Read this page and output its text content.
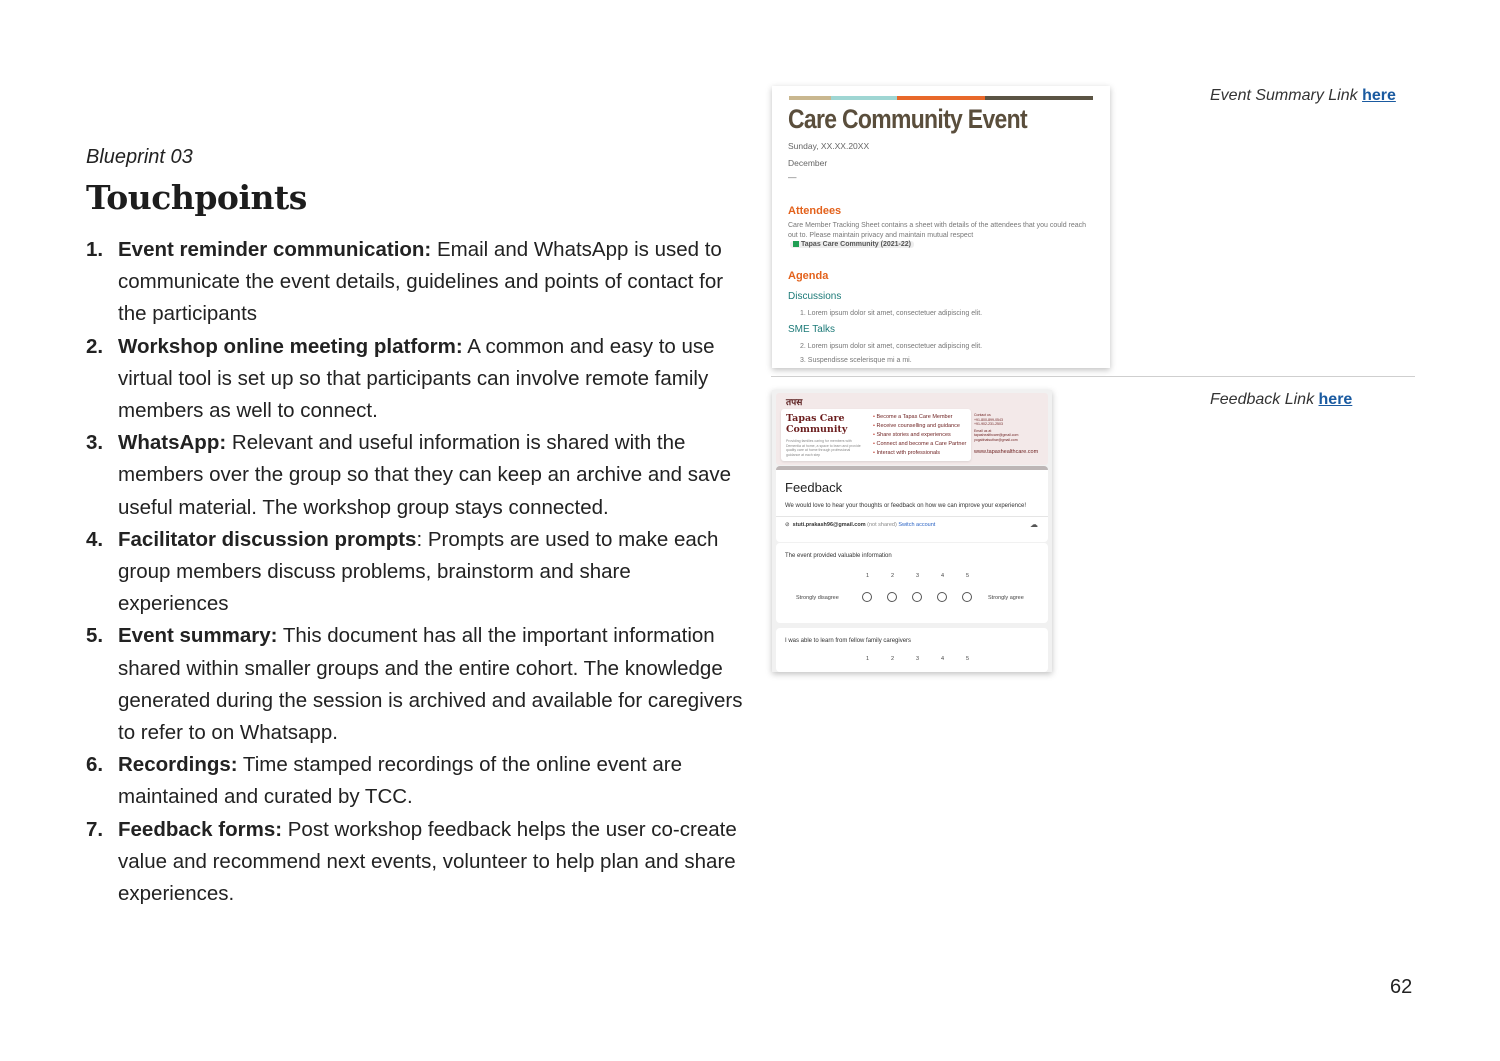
Blueprint 03
Touchpoints
1. Event reminder communication: Email and WhatsApp is used to communicate the event details, guidelines and points of contact for the participants
2. Workshop online meeting platform: A common and easy to use virtual tool is set up so that participants can involve remote family members as well to connect.
3. WhatsApp: Relevant and useful information is shared with the members over the group so that they can keep an archive and save useful material. The workshop group stays connected.
4. Facilitator discussion prompts: Prompts are used to make each group members discuss problems, brainstorm and share experiences
5. Event summary: This document has all the important information shared within smaller groups and the entire cohort. The knowledge generated during the session is archived and available for caregivers to refer to on Whatsapp.
6. Recordings: Time stamped recordings of the online event are maintained and curated by TCC.
7. Feedback forms: Post workshop feedback helps the user co-create value and recommend next events, volunteer to help plan and share experiences.
Care Community Event
Sunday, XX.XX.20XX
December
—
Attendees
Care Member Tracking Sheet contains a sheet with details of the attendees that you could reach out to. Please maintain privacy and maintain mutual respect
Tapas Care Community (2021-22)
Agenda
Discussions
1. Lorem ipsum dolor sit amet, consectetuer adipiscing elit.
SME Talks
2. Lorem ipsum dolor sit amet, consectetuer adipiscing elit.
3. Suspendisse scelerisque mi a mi.
Event Summary Link here
तपस
Tapas Care
Community
Providing families caring for members with Dementia at home, a space to learn and provide quality care at home through professional guidance at each step
• Become a Tapas Care Member
• Receive counselling and guidance
• Share stories and experiences
• Connect and become a Care Partner
• Interact with professionals
Contact us
+91-800-899-0543
+91-902-231-2503
Email us at
tapashealthcare@gmail.com
yogabhatsuthar@gmail.com
www.tapashealthcare.com
Feedback
We would love to hear your thoughts or feedback on how we can improve your experience!
⊘ stuti.prakash96@gmail.com (not shared) Switch account	☁
The event provided valuable information
1	2	3	4	5
Strongly disagree	Strongly agree
I was able to learn from fellow family caregivers
1	2	3	4	5
Feedback Link here
62
